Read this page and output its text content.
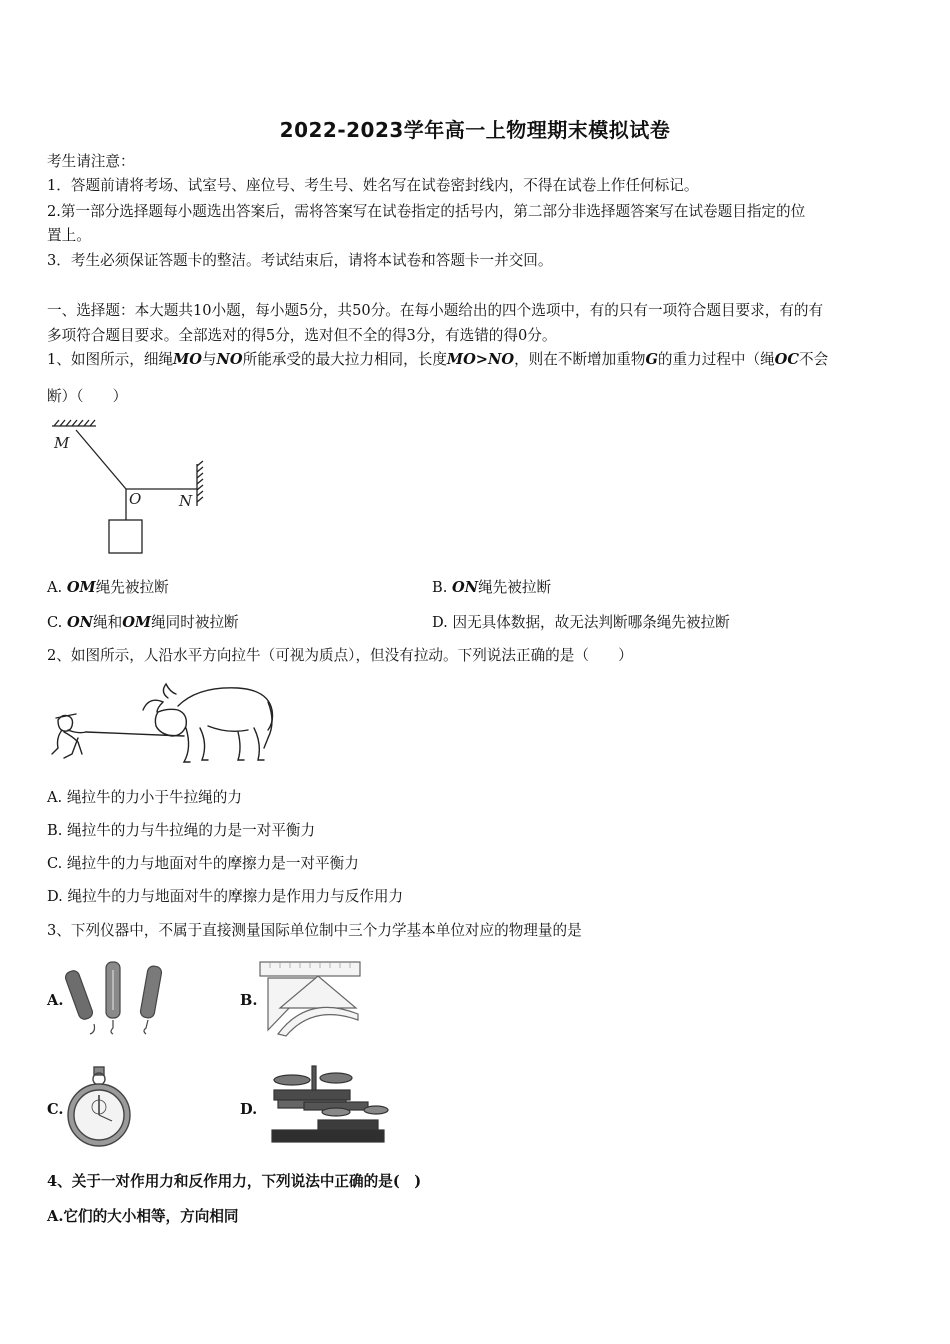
2022-2023学年高一上物理期末模拟试卷
考生请注意：
1．答题前请将考场、试室号、座位号、考生号、姓名写在试卷密封线内，不得在试卷上作任何标记。
2.第一部分选择题每小题选出答案后，需将答案写在试卷指定的括号内，第二部分非选择题答案写在试卷题目指定的位
置上。
3．考生必须保证答题卡的整洁。考试结束后，请将本试卷和答题卡一并交回。
一、选择题：本大题共10小题，每小题5分，共50分。在每小题给出的四个选项中，有的只有一项符合题目要求，有的有
多项符合题目要求。全部选对的得5分，选对但不全的得3分，有选错的得0分。
1、如图所示，细绳MO与NO所能承受的最大拉力相同，长度MO>NO，则在不断增加重物G的重力过程中（绳OC不会
断）（　　）
M
O	N
A. OM绳先被拉断	B. ON绳先被拉断
C. ON绳和OM绳同时被拉断	D. 因无具体数据，故无法判断哪条绳先被拉断
2、如图所示，人沿水平方向拉牛（可视为质点），但没有拉动。下列说法正确的是（　　）
A. 绳拉牛的力小于牛拉绳的力
B. 绳拉牛的力与牛拉绳的力是一对平衡力
C. 绳拉牛的力与地面对牛的摩擦力是一对平衡力
D. 绳拉牛的力与地面对牛的摩擦力是作用力与反作用力
3、下列仪器中，不属于直接测量国际单位制中三个力学基本单位对应的物理量的是
A.	B.
C.	D.
4、关于一对作用力和反作用力，下列说法中正确的是(　)
A.它们的大小相等，方向相同
